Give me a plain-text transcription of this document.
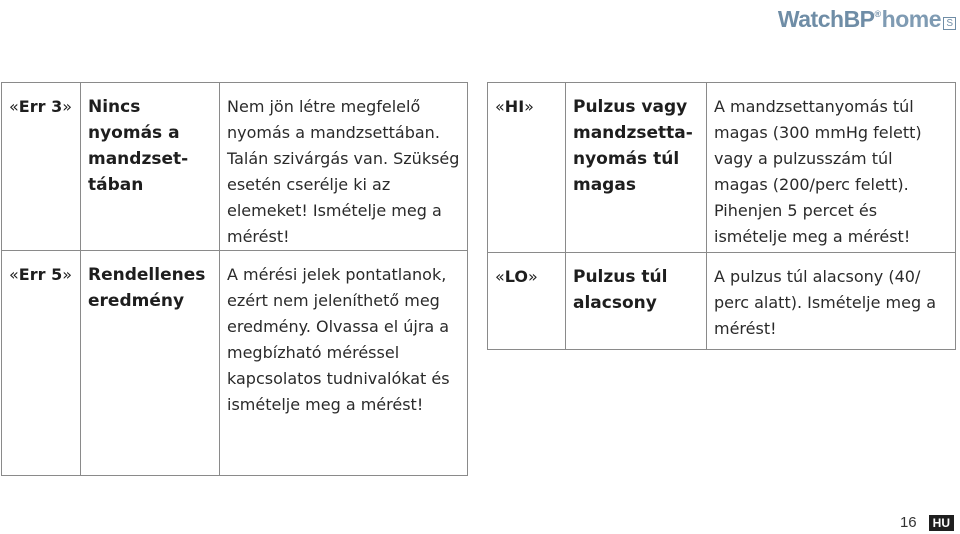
Watch BP ® home S
«Err 3»	Nincs nyomás a mandzset- tában	Nem jön létre megfelelő nyomás a mandzsettában. Talán szivárgás van. Szükség esetén cserélje ki az elemeket! Ismételje meg a mérést!
«Err 5»	Rendellenes eredmény	A mérési jelek pontatlanok, ezért nem jeleníthető meg eredmény. Olvassa el újra a megbízható méréssel kapcsolatos tudnivalókat és ismételje meg a mérést!
«HI»	Pulzus vagy mandzsetta- nyomás túl magas	A mandzsettanyomás túl magas (300 mmHg felett) vagy a pulzusszám túl magas (200/perc felett). Pihenjen 5 percet és ismételje meg a mérést!
«LO»	Pulzus túl alacsony	A pulzus túl alacsony (40/ perc alatt). Ismételje meg a mérést!
16	HU
